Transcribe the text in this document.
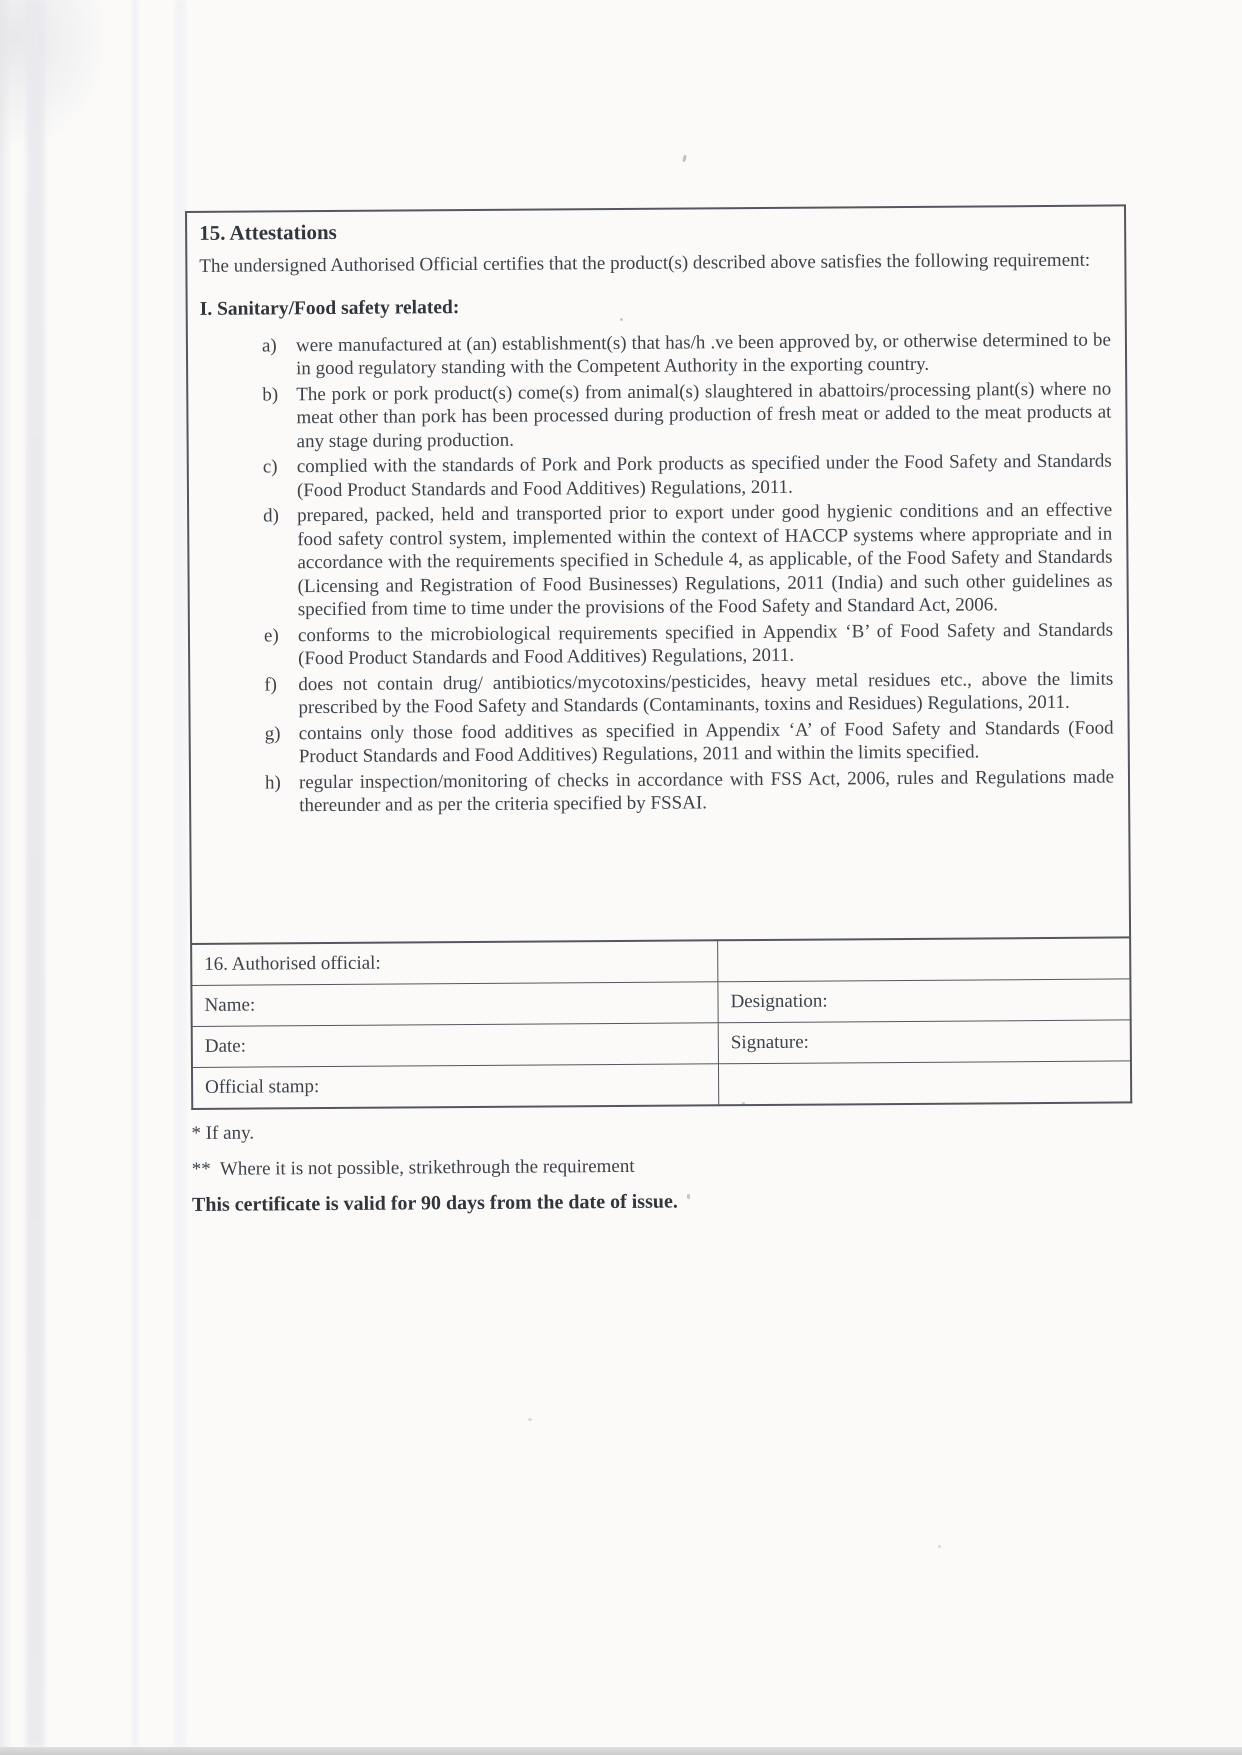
15. Attestations
The undersigned Authorised Official certifies that the product(s) described above satisfies the following requirement:
I. Sanitary/Food safety related:
a)	were manufactured at (an) establishment(s) that has/h .ve been approved by, or otherwise determined to be in good regulatory standing with the Competent Authority in the exporting country.
b) The pork or pork product(s) come(s) from animal(s) slaughtered in abattoirs/processing plant(s) where no meat other than pork has been processed during production of fresh meat or added to the meat products at any stage during production.
c)	complied with the standards of Pork and Pork products as specified under the Food Safety and Standards (Food Product Standards and Food Additives) Regulations, 2011.
d) prepared, packed, held and transported prior to export under good hygienic conditions and an effective food safety control system, implemented within the context of HACCP systems where appropriate and in accordance with the requirements specified in Schedule 4, as applicable, of the Food Safety and Standards (Licensing and Registration of Food Businesses) Regulations, 2011 (India) and such other guidelines as specified from time to time under the provisions of the Food Safety and Standard Act, 2006.
e)	conforms to the microbiological requirements specified in Appendix ‘B’ of Food Safety and Standards (Food Product Standards and Food Additives) Regulations, 2011.
f)	does not contain drug/ antibiotics/mycotoxins/pesticides, heavy metal residues etc., above the limits prescribed by the Food Safety and Standards (Contaminants, toxins and Residues) Regulations, 2011.
g) contains only those food additives as specified in Appendix ‘A’ of Food Safety and Standards (Food Product Standards and Food Additives) Regulations, 2011 and within the limits specified.
h) regular inspection/monitoring of checks in accordance with FSS Act, 2006, rules and Regulations made thereunder and as per the criteria specified by FSSAI.
16. Authorised official:	
Name:	Designation:
Date:	Signature:
Official stamp:	
* If any.
**  Where it is not possible, strikethrough the requirement
This certificate is valid for 90 days from the date of issue.
